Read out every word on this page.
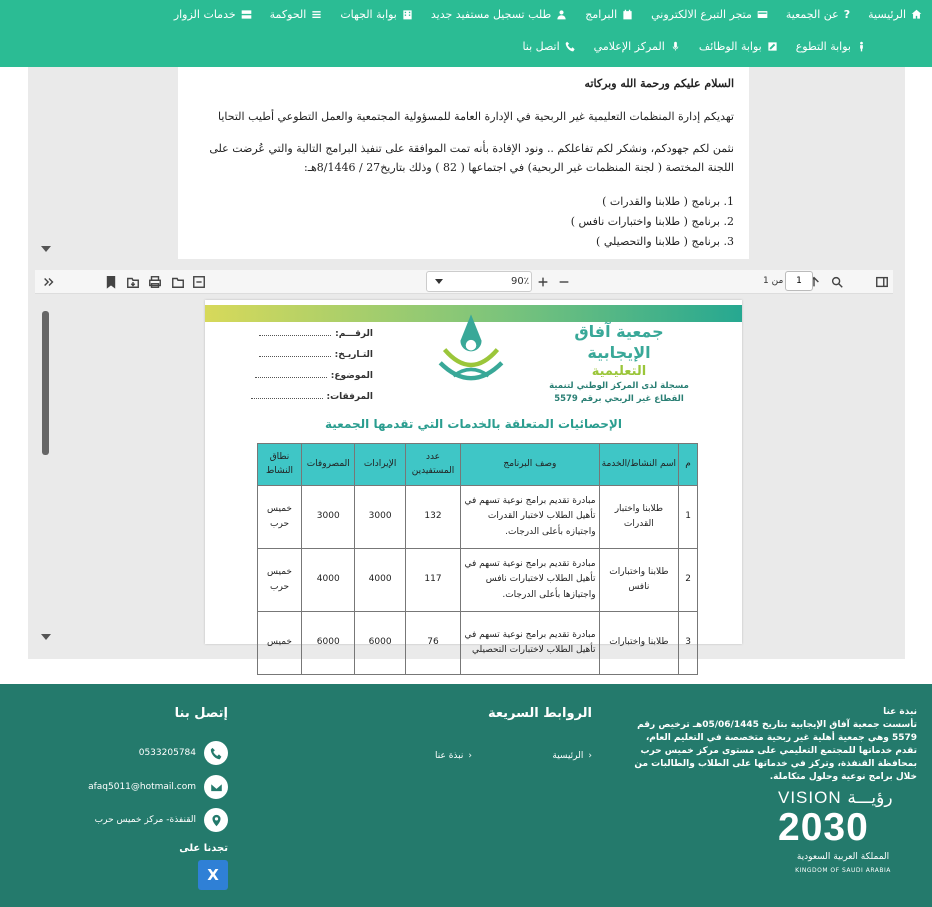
الرئيسية
?
عن الجمعية
متجر التبرع الالكتروني
البرامج
طلب تسجيل مستفيد جديد
بوابة الجهات
الحوكمة
خدمات الزوار
بوابة التطوع
بوابة الوظائف
المركز الإعلامي
اتصل بنا

السلام عليكم ورحمة الله وبركاته

تهديكم إدارة المنظمات التعليمية غير الربحية في الإدارة العامة للمسؤولية المجتمعية والعمل التطوعي أطيب التحايا

نثمن لكم جهودكم، ونشكر لكم تفاعلكم .. ونود الإفادة بأنه تمت الموافقة على تنفيذ البرامج التالية والتي عُرضت على اللجنة المختصة ( لجنة المنظمات غير الربحية) في اجتماعها ( 82 ) وذلك بتاريخ27 / 8/1446هـ:

1. برنامج ( طلابنا والقدرات )
2. برنامج ( طلابنا واختبارات نافس )
3. برنامج ( طلابنا والتحصيلي )
1
من 1
90٪
جمعية آفاق الإيجابية
التعليمية
مسجلة لدى المركز الوطني لتنمية
القطاع غير الربحي برقم 5579
الرقـــم:
التـاريـخ:
الموضوع:
المرفقات:
الإحصائيات المتعلقة بالخدمات التي تقدمها الجمعية
م	اسم النشاط/الخدمة	وصف البرنامج	عدد المستفيدين	الإيرادات	المصروفات	نطاق النشاط
1	طلابنا واختبار القدرات	مبادرة تقديم برامج نوعية تسهم في تأهيل الطلاب لاختبار القدرات واجتيازه بأعلى الدرجات.	132	3000	3000	خميس حرب
2	طلابنا واختبارات نافس	مبادرة تقديم برامج نوعية تسهم في تأهيل الطلاب لاختبارات نافس واجتيازها بأعلى الدرجات.	117	4000	4000	خميس حرب
3	طلابنا واختبارات	مبادرة تقديم برامج نوعية تسهم في تأهيل الطلاب لاختبارات التحصيلي	76	6000	6000	خميس
نبذة عنا
تأسست جمعية آفاق الإيجابية بتاريخ 05/06/1445هـ ترخيص رقم 5579 وهي جمعية أهلية غير ربحية متخصصة في التعليم العام، تقدم خدماتها للمجتمع التعليمي على مستوى مركز خميس حرب بمحافظة القنفذة، وتركز في خدماتها على الطلاب والطالبات من خلال برامج نوعية وحلول متكاملة.
الروابط السريعة
‹
الرئيسية
‹
نبذة عنا
إتصل بنا
0533205784
afaq5011@hotmail.com
القنفذة- مركز خميس حرب
تجدنا على
X
VISION رؤيـــة
2030
المملكة العربية السعودية
KINGDOM OF SAUDI ARABIA
